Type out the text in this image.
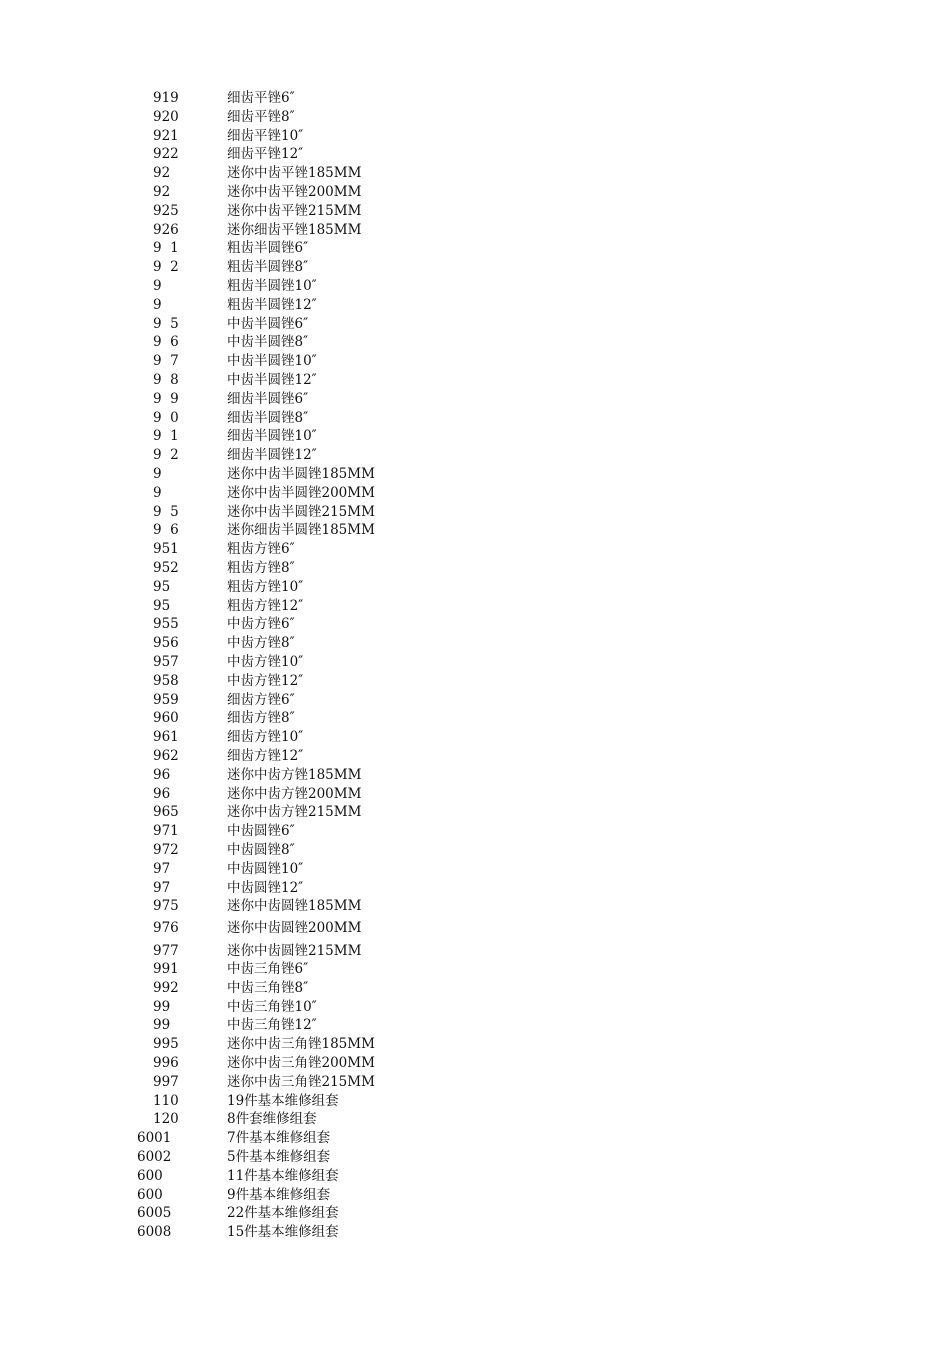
919	细齿平锉6″
920	细齿平锉8″
921	细齿平锉10″
922	细齿平锉12″
92	迷你中齿平锉185MM
92	迷你中齿平锉200MM
925	迷你中齿平锉215MM
926	迷你细齿平锉185MM
9  1	粗齿半圆锉6″
9  2	粗齿半圆锉8″
9	粗齿半圆锉10″
9	粗齿半圆锉12″
9  5	中齿半圆锉6″
9  6	中齿半圆锉8″
9  7	中齿半圆锉10″
9  8	中齿半圆锉12″
9  9	细齿半圆锉6″
9  0	细齿半圆锉8″
9  1	细齿半圆锉10″
9  2	细齿半圆锉12″
9	迷你中齿半圆锉185MM
9	迷你中齿半圆锉200MM
9  5	迷你中齿半圆锉215MM
9  6	迷你细齿半圆锉185MM
951	粗齿方锉6″
952	粗齿方锉8″
95	粗齿方锉10″
95	粗齿方锉12″
955	中齿方锉6″
956	中齿方锉8″
957	中齿方锉10″
958	中齿方锉12″
959	细齿方锉6″
960	细齿方锉8″
961	细齿方锉10″
962	细齿方锉12″
96	迷你中齿方锉185MM
96	迷你中齿方锉200MM
965	迷你中齿方锉215MM
971	中齿圆锉6″
972	中齿圆锉8″
97	中齿圆锉10″
97	中齿圆锉12″
975	迷你中齿圆锉185MM
976	迷你中齿圆锉200MM
977	迷你中齿圆锉215MM
991	中齿三角锉6″
992	中齿三角锉8″
99	中齿三角锉10″
99	中齿三角锉12″
995	迷你中齿三角锉185MM
996	迷你中齿三角锉200MM
997	迷你中齿三角锉215MM
110	19件基本维修组套
120	8件套维修组套
6001	7件基本维修组套
6002	5件基本维修组套
600	11件基本维修组套
600	9件基本维修组套
6005	22件基本维修组套
6008	15件基本维修组套
